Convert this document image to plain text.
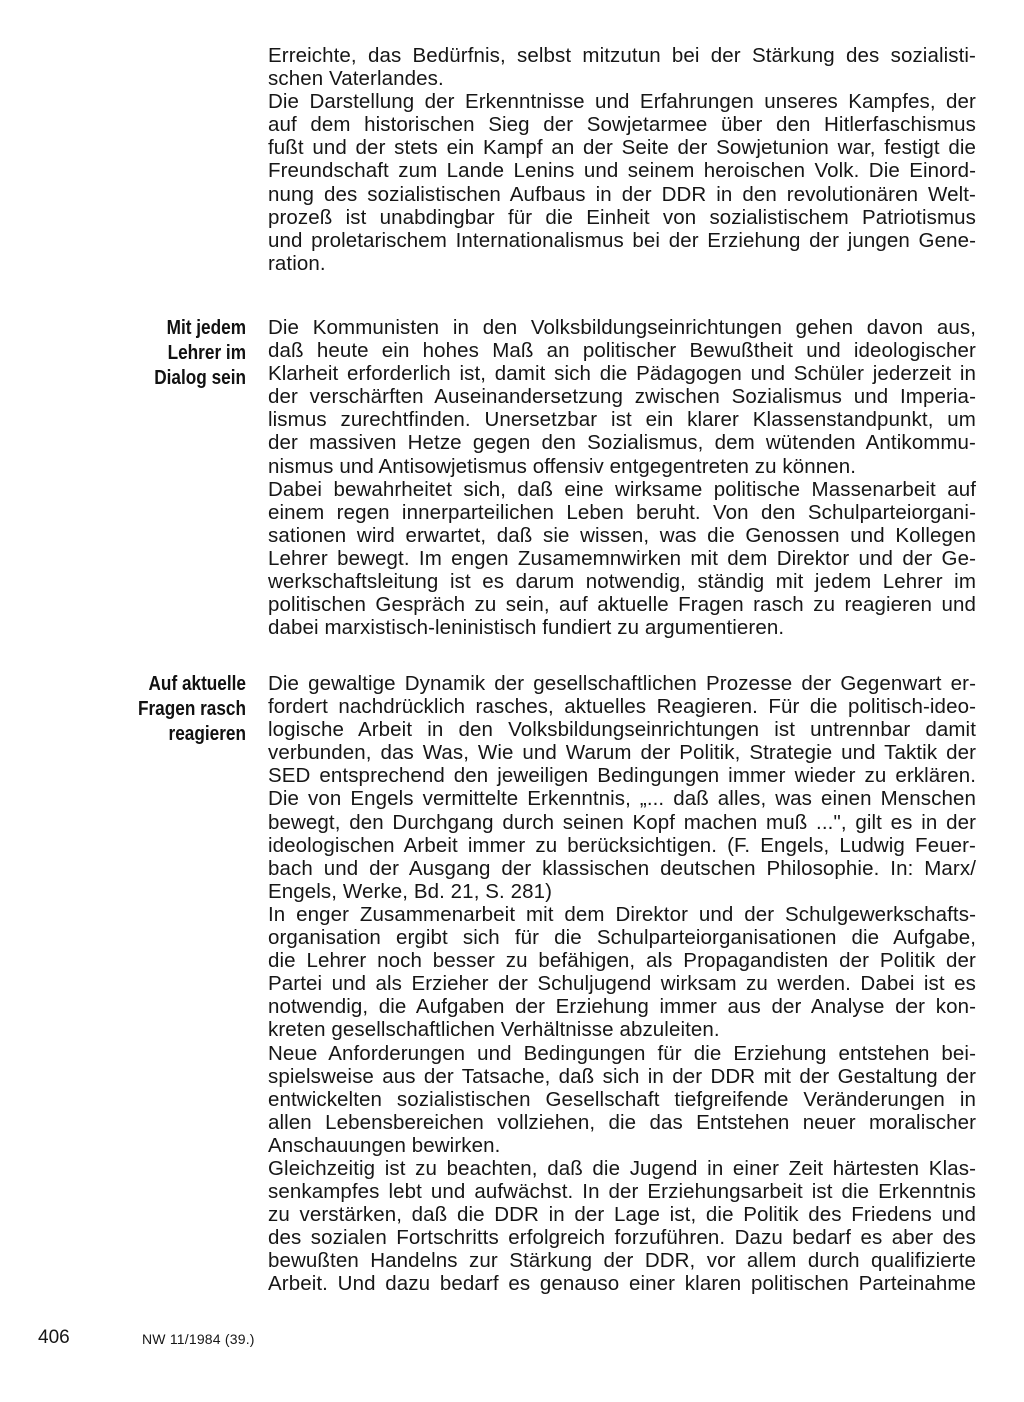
Erreichte, das Bedürfnis, selbst mitzutun bei der Stärkung des sozialisti-
schen Vaterlandes.
Die Darstellung der Erkenntnisse und Erfahrungen unseres Kampfes, der
auf dem historischen Sieg der Sowjetarmee über den Hitlerfaschismus
fußt und der stets ein Kampf an der Seite der Sowjetunion war, festigt die
Freundschaft zum Lande Lenins und seinem heroischen Volk. Die Einord-
nung des sozialistischen Aufbaus in der DDR in den revolutionären Welt-
prozeß ist unabdingbar für die Einheit von sozialistischem Patriotismus
und proletarischem Internationalismus bei der Erziehung der jungen Gene-
ration.
Mit jedem
Lehrer im
Dialog sein
Die Kommunisten in den Volksbildungseinrichtungen gehen davon aus,
daß heute ein hohes Maß an politischer Bewußtheit und ideologischer
Klarheit erforderlich ist, damit sich die Pädagogen und Schüler jederzeit in
der verschärften Auseinandersetzung zwischen Sozialismus und Imperia-
lismus zurechtfinden. Unersetzbar ist ein klarer Klassenstandpunkt, um
der massiven Hetze gegen den Sozialismus, dem wütenden Antikommu-
nismus und Antisowjetismus offensiv entgegentreten zu können.
Dabei bewahrheitet sich, daß eine wirksame politische Massenarbeit auf
einem regen innerparteilichen Leben beruht. Von den Schulparteiorgani-
sationen wird erwartet, daß sie wissen, was die Genossen und Kollegen
Lehrer bewegt. Im engen Zusamemnwirken mit dem Direktor und der Ge-
werkschaftsleitung ist es darum notwendig, ständig mit jedem Lehrer im
politischen Gespräch zu sein, auf aktuelle Fragen rasch zu reagieren und
dabei marxistisch-leninistisch fundiert zu argumentieren.
Auf aktuelle
Fragen rasch
reagieren
Die gewaltige Dynamik der gesellschaftlichen Prozesse der Gegenwart er-
fordert nachdrücklich rasches, aktuelles Reagieren. Für die politisch-ideo-
logische Arbeit in den Volksbildungseinrichtungen ist untrennbar damit
verbunden, das Was, Wie und Warum der Politik, Strategie und Taktik der
SED entsprechend den jeweiligen Bedingungen immer wieder zu erklären.
Die von Engels vermittelte Erkenntnis, „... daß alles, was einen Menschen
bewegt, den Durchgang durch seinen Kopf machen muß ...", gilt es in der
ideologischen Arbeit immer zu berücksichtigen. (F. Engels, Ludwig Feuer-
bach und der Ausgang der klassischen deutschen Philosophie. In: Marx/
Engels, Werke, Bd. 21, S. 281)
In enger Zusammenarbeit mit dem Direktor und der Schulgewerkschafts-
organisation ergibt sich für die Schulparteiorganisationen die Aufgabe,
die Lehrer noch besser zu befähigen, als Propagandisten der Politik der
Partei und als Erzieher der Schuljugend wirksam zu werden. Dabei ist es
notwendig, die Aufgaben der Erziehung immer aus der Analyse der kon-
kreten gesellschaftlichen Verhältnisse abzuleiten.
Neue Anforderungen und Bedingungen für die Erziehung entstehen bei-
spielsweise aus der Tatsache, daß sich in der DDR mit der Gestaltung der
entwickelten sozialistischen Gesellschaft tiefgreifende Veränderungen in
allen Lebensbereichen vollziehen, die das Entstehen neuer moralischer
Anschauungen bewirken.
Gleichzeitig ist zu beachten, daß die Jugend in einer Zeit härtesten Klas-
senkampfes lebt und aufwächst. In der Erziehungsarbeit ist die Erkenntnis
zu verstärken, daß die DDR in der Lage ist, die Politik des Friedens und
des sozialen Fortschritts erfolgreich forzuführen. Dazu bedarf es aber des
bewußten Handelns zur Stärkung der DDR, vor allem durch qualifizierte
Arbeit. Und dazu bedarf es genauso einer klaren politischen Parteinahme
406	NW 11/1984 (39.)
